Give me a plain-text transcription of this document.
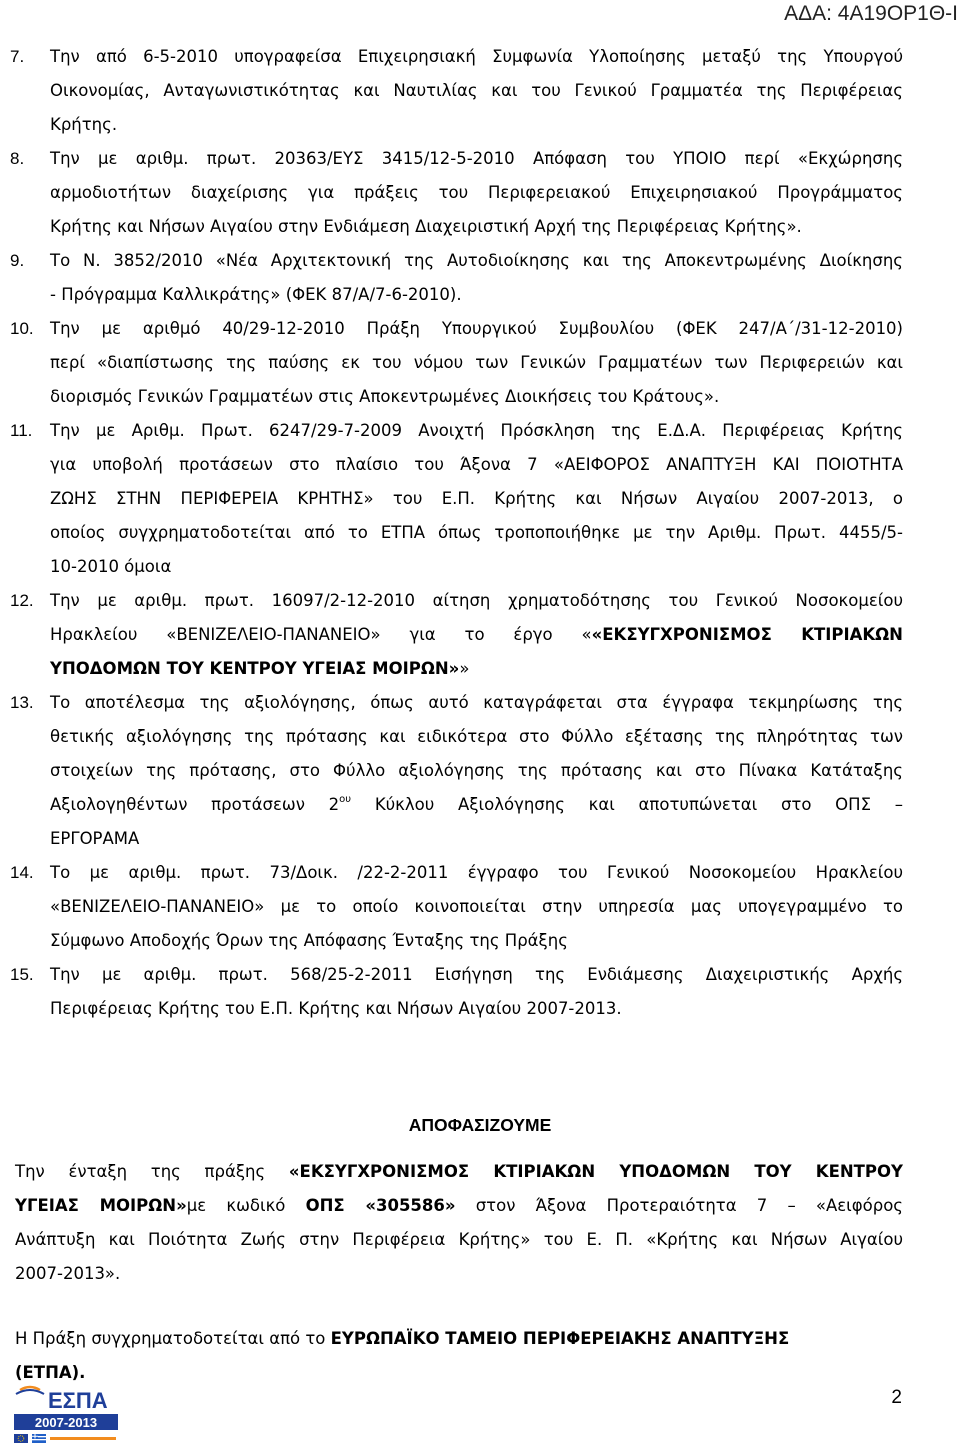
ΑΔΑ: 4Α19ΟΡ1Θ-Ι
7. Την από 6-5-2010 υπογραφείσα Επιχειρησιακή Συμφωνία Υλοποίησης μεταξύ της Υπουργού
Οικονομίας, Ανταγωνιστικότητας και Ναυτιλίας και του Γενικού Γραμματέα της Περιφέρειας
Κρήτης.
8. Την με αριθμ. πρωτ. 20363/ΕΥΣ 3415/12-5-2010 Απόφαση του ΥΠΟΙΟ περί «Εκχώρησης
αρμοδιοτήτων διαχείρισης για πράξεις του Περιφερειακού Επιχειρησιακού Προγράμματος
Κρήτης και Νήσων Αιγαίου στην Ενδιάμεση Διαχειριστική Αρχή της Περιφέρειας Κρήτης».
9. Το Ν. 3852/2010 «Νέα Αρχιτεκτονική της Αυτοδιοίκησης και της Αποκεντρωμένης Διοίκησης
- Πρόγραμμα Καλλικράτης» (ΦΕΚ 87/Α/7-6-2010).
10. Την με αριθμό 40/29-12-2010 Πράξη Υπουργικού Συμβουλίου (ΦΕΚ 247/Α΄/31-12-2010)
περί «διαπίστωσης της παύσης εκ του νόμου των Γενικών Γραμματέων των Περιφερειών και
διορισμός Γενικών Γραμματέων στις Αποκεντρωμένες Διοικήσεις του Κράτους».
11. Την με Αριθμ. Πρωτ. 6247/29-7-2009 Ανοιχτή Πρόσκληση της Ε.Δ.Α. Περιφέρειας Κρήτης
για υποβολή προτάσεων στο πλαίσιο του Άξονα 7 «ΑΕΙΦΟΡΟΣ ΑΝΑΠΤΥΞΗ ΚΑΙ ΠΟΙΟΤΗΤΑ
ΖΩΗΣ ΣΤΗΝ ΠΕΡΙΦΕΡΕΙΑ ΚΡΗΤΗΣ» του Ε.Π. Κρήτης και Νήσων Αιγαίου 2007-2013, ο
οποίος συγχρηματοδοτείται από το ΕΤΠΑ όπως τροποποιήθηκε με την Αριθμ. Πρωτ. 4455/5-
10-2010 όμοια
12. Την με αριθμ. πρωτ. 16097/2-12-2010 αίτηση χρηματοδότησης του Γενικού Νοσοκομείου
Ηρακλείου «ΒΕΝΙΖΕΛΕΙΟ-ΠΑΝΑΝΕΙΟ» για το έργο ««ΕΚΣΥΓΧΡΟΝΙΣΜΟΣ ΚΤΙΡΙΑΚΩΝ
ΥΠΟΔΟΜΩΝ ΤΟΥ ΚΕΝΤΡΟΥ ΥΓΕΙΑΣ ΜΟΙΡΩΝ»»
13. Το αποτέλεσμα της αξιολόγησης, όπως αυτό καταγράφεται στα έγγραφα τεκμηρίωσης της
θετικής αξιολόγησης της πρότασης και ειδικότερα στο Φύλλο εξέτασης της πληρότητας των
στοιχείων της πρότασης, στο Φύλλο αξιολόγησης της πρότασης και στο Πίνακα Κατάταξης
Αξιολογηθέντων προτάσεων $2^{o\upsilon}$ Κύκλου Αξιολόγησης και αποτυπώνεται στο ΟΠΣ –
ΕΡΓΟΡΑΜΑ
14. Το με αριθμ. πρωτ. 73/Δοικ. /22-2-2011 έγγραφο του Γενικού Νοσοκομείου Ηρακλείου
«ΒΕΝΙΖΕΛΕΙΟ-ΠΑΝΑΝΕΙΟ» με το οποίο κοινοποιείται στην υπηρεσία μας υπογεγραμμένο το
Σύμφωνο Αποδοχής Όρων της Απόφασης Ένταξης της Πράξης
15. Την με αριθμ. πρωτ. 568/25-2-2011 Εισήγηση της Ενδιάμεσης Διαχειριστικής Αρχής
Περιφέρειας Κρήτης του Ε.Π. Κρήτης και Νήσων Αιγαίου 2007-2013.
ΑΠΟΦΑΣΙΖΟΥΜΕ
Την ένταξη της πράξης «ΕΚΣΥΓΧΡΟΝΙΣΜΟΣ ΚΤΙΡΙΑΚΩΝ ΥΠΟΔΟΜΩΝ ΤΟΥ ΚΕΝΤΡΟΥ
ΥΓΕΙΑΣ ΜΟΙΡΩΝ»με κωδικό ΟΠΣ «305586» στον Άξονα Προτεραιότητα 7 – «Αειφόρος
Ανάπτυξη και Ποιότητα Ζωής στην Περιφέρεια Κρήτης» του Ε. Π. «Κρήτης και Νήσων Αιγαίου
2007-2013».
Η Πράξη συγχρηματοδοτείται από το ΕΥΡΩΠΑΪΚΟ ΤΑΜΕΙΟ ΠΕΡΙΦΕΡΕΙΑΚΗΣ ΑΝΑΠΤΥΞΗΣ
(ΕΤΠΑ).
ΕΣΠΑ
2007-2013
2
